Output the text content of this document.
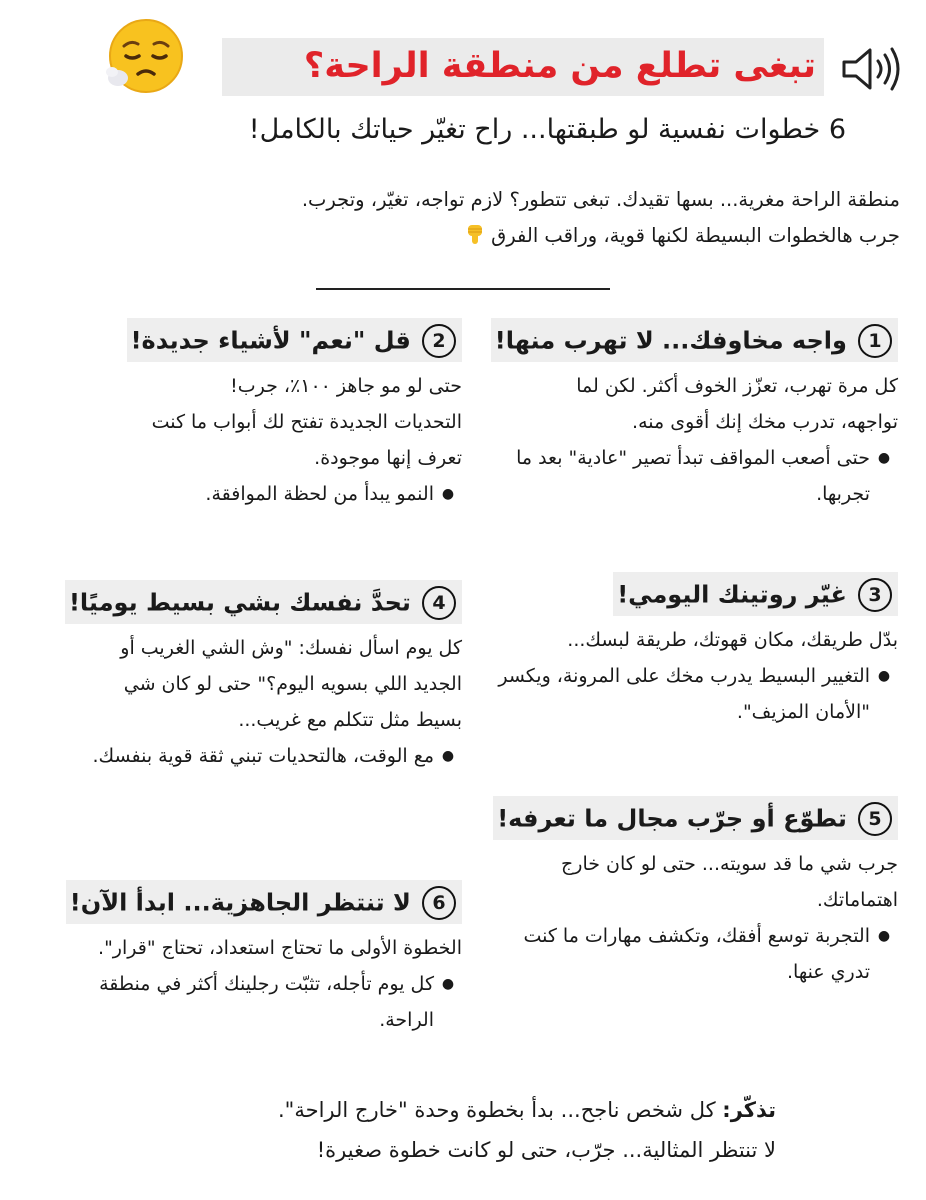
تبغى تطلع من منطقة الراحة؟
6 خطوات نفسية لو طبقتها... راح تغيّر حياتك بالكامل!

منطقة الراحة مغرية... بسها تقيدك. تبغى تتطور؟ لازم تواجه، تغيّر، وتجرب.

جرب هالخطوات البسيطة لكنها قوية، وراقب الفرق

1 واجه مخاوفك... لا تهرب منها!

كل مرة تهرب، تعزّز الخوف أكثر. لكن لما

تواجهه، تدرب مخك إنك أقوى منه.

●
حتى أصعب المواقف تبدأ تصير "عادية" بعد ما تجربها.
2 قل "نعم" لأشياء جديدة!

حتى لو مو جاهز ١٠٠٪، جرب!

التحديات الجديدة تفتح لك أبواب ما كنت

تعرف إنها موجودة.

●
النمو يبدأ من لحظة الموافقة.
3 غيّر روتينك اليومي!

بدّل طريقك، مكان قهوتك، طريقة لبسك...

●
التغيير البسيط يدرب مخك على المرونة، ويكسر "الأمان المزيف".
4 تحدَّ نفسك بشي بسيط يوميًا!

كل يوم اسأل نفسك: "وش الشي الغريب أو

الجديد اللي بسويه اليوم؟" حتى لو كان شي

بسيط مثل تتكلم مع غريب...

●
مع الوقت، هالتحديات تبني ثقة قوية بنفسك.
5 تطوّع أو جرّب مجال ما تعرفه!

جرب شي ما قد سويته... حتى لو كان خارج

اهتماماتك.

●
التجربة توسع أفقك، وتكشف مهارات ما كنت تدري عنها.
6 لا تنتظر الجاهزية... ابدأ الآن!

الخطوة الأولى ما تحتاج استعداد، تحتاج "قرار".

●
كل يوم تأجله، تثبّت رجلينك أكثر في منطقة الراحة.

تذكّر: كل شخص ناجح... بدأ بخطوة وحدة "خارج الراحة".

لا تنتظر المثالية... جرّب، حتى لو كانت خطوة صغيرة!
